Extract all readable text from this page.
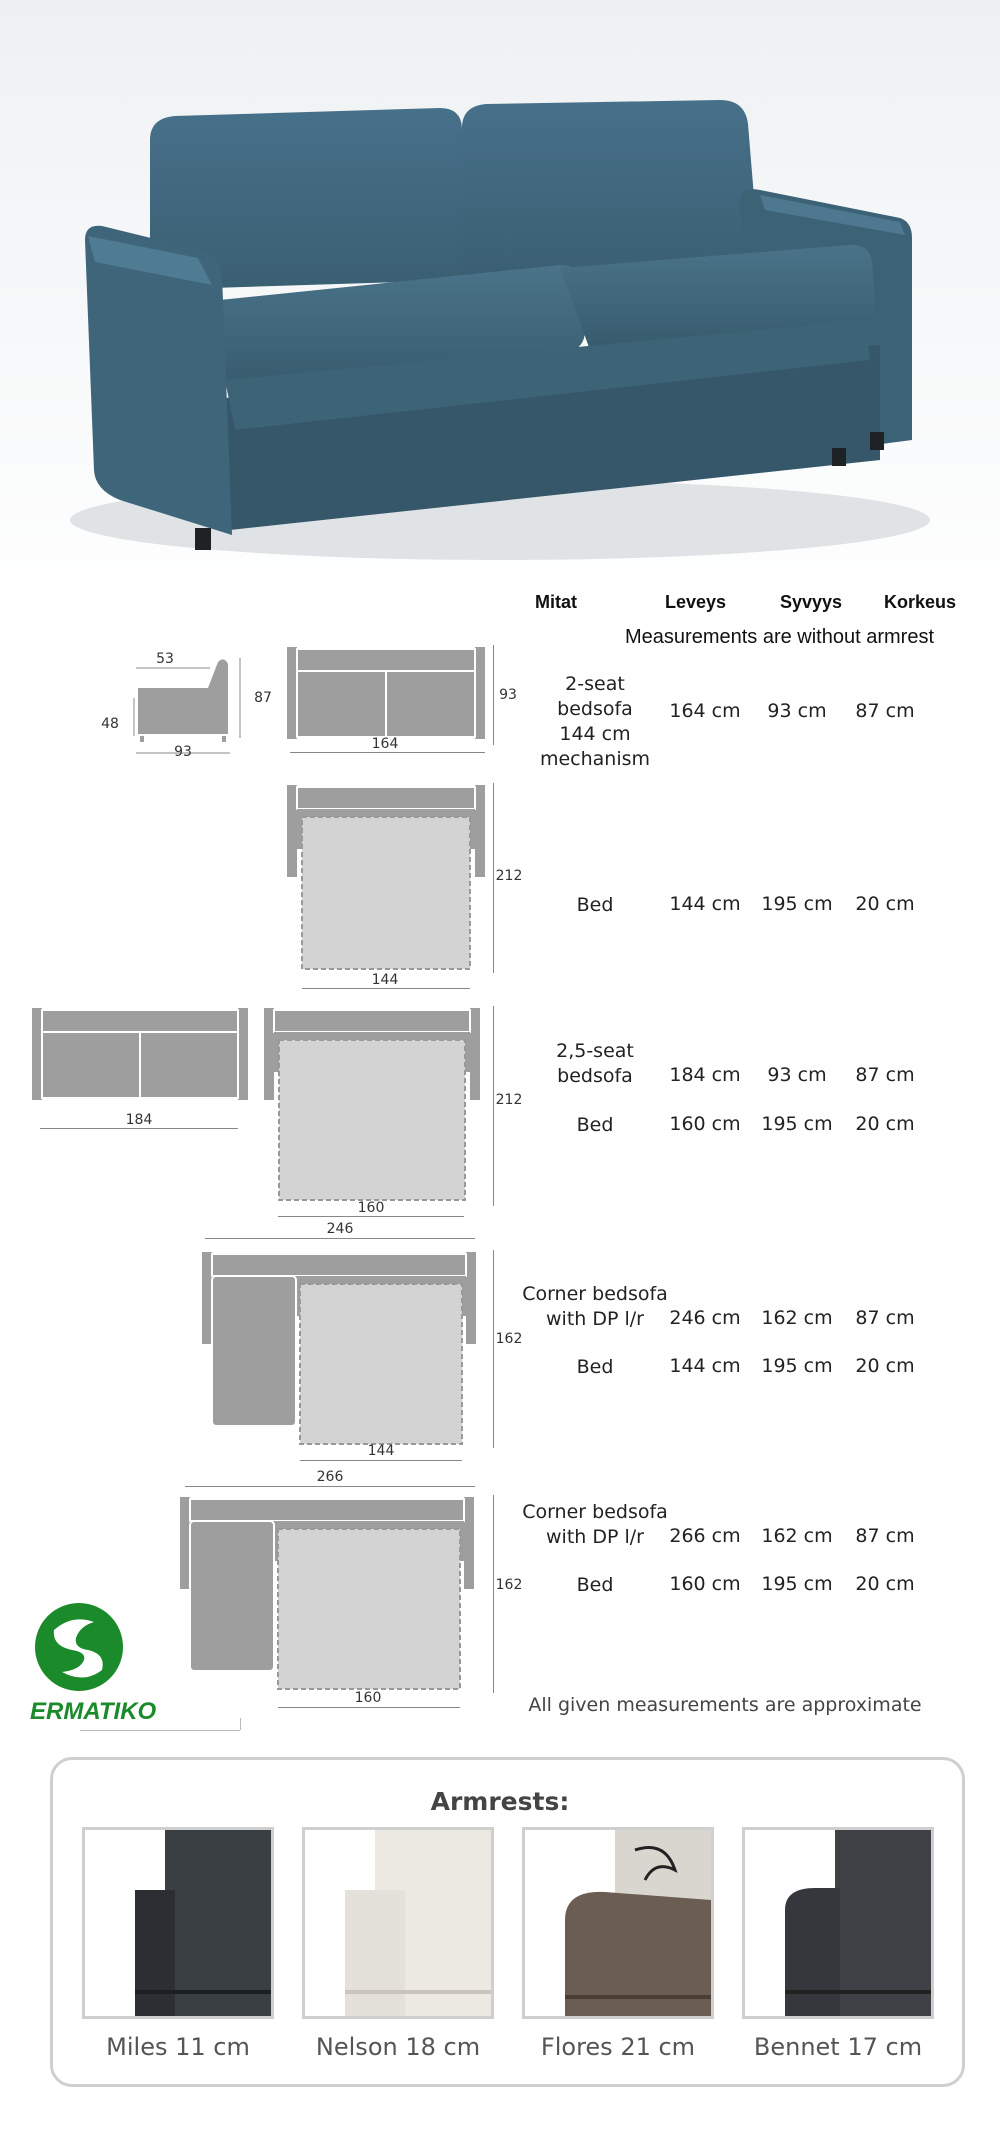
Mitat	Leveys	Syvyys Korkeus
Measurements are without armrest
2-seat
bedsofa
144 cm
mechanism
164 cm	93 cm	87 cm
Bed	144 cm	195 cm	20 cm
2,5-seat
bedsofa	184 cm	93 cm	87 cm
Bed	160 cm	195 cm	20 cm
Corner bedsofa
with DP l/r	246 cm	162 cm	87 cm
Bed	144 cm	195 cm	20 cm
Corner bedsofa
with DP l/r	266 cm	162 cm	87 cm
Bed	160 cm	195 cm	20 cm
53
48
87
93	164
93
144
212
184
160
212
246
144
162
266
160
162
ERMATIKO	All given measurements are approximate
Armrests:
Miles 11 cm	Nelson 18 cm	Flores 21 cm	Bennet 17 cm
